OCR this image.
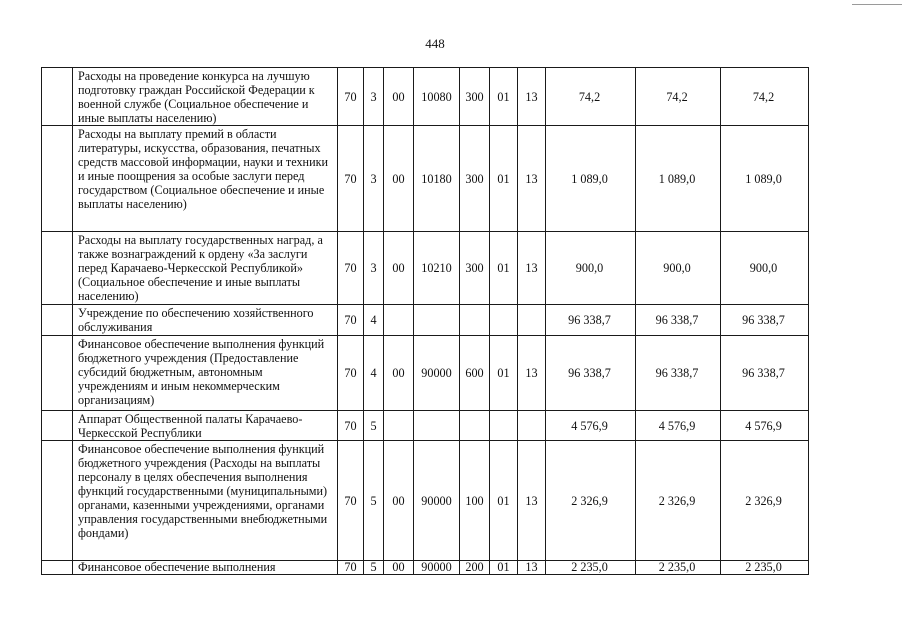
448
	Расходы на проведение конкурса на лучшую подготовку граждан Российской Федерации к военной службе (Социальное обеспечение и иные выплаты населению)	70	3	00	10080	300	01	13	74,2	74,2	74,2
	Расходы на выплату премий в области литературы, искусства, образования, печатных средств массовой информации, науки и техники и иные поощрения за особые заслуги перед государством (Социальное обеспечение и иные выплаты населению)	70	3	00	10180	300	01	13	1 089,0	1 089,0	1 089,0
	Расходы на выплату государственных наград, а также вознаграждений к ордену «За заслуги перед Карачаево-Черкесской Республикой» (Социальное обеспечение и иные выплаты населению)	70	3	00	10210	300	01	13	900,0	900,0	900,0
	Учреждение по обеспечению хозяйственного обслуживания	70	4						96 338,7	96 338,7	96 338,7
	Финансовое обеспечение выполнения функций бюджетного учреждения (Предоставление субсидий бюджетным, автономным учреждениям и иным некоммерческим организациям)	70	4	00	90000	600	01	13	96 338,7	96 338,7	96 338,7
	Аппарат Общественной палаты Карачаево-Черкесской Республики	70	5						4 576,9	4 576,9	4 576,9
	Финансовое обеспечение выполнения функций бюджетного учреждения (Расходы на выплаты персоналу в целях обеспечения выполнения функций государственными (муниципальными) органами, казенными учреждениями, органами управления государственными внебюджетными фондами)	70	5	00	90000	100	01	13	2 326,9	2 326,9	2 326,9
	Финансовое обеспечение выполнения	70	5	00	90000	200	01	13	2 235,0	2 235,0	2 235,0
